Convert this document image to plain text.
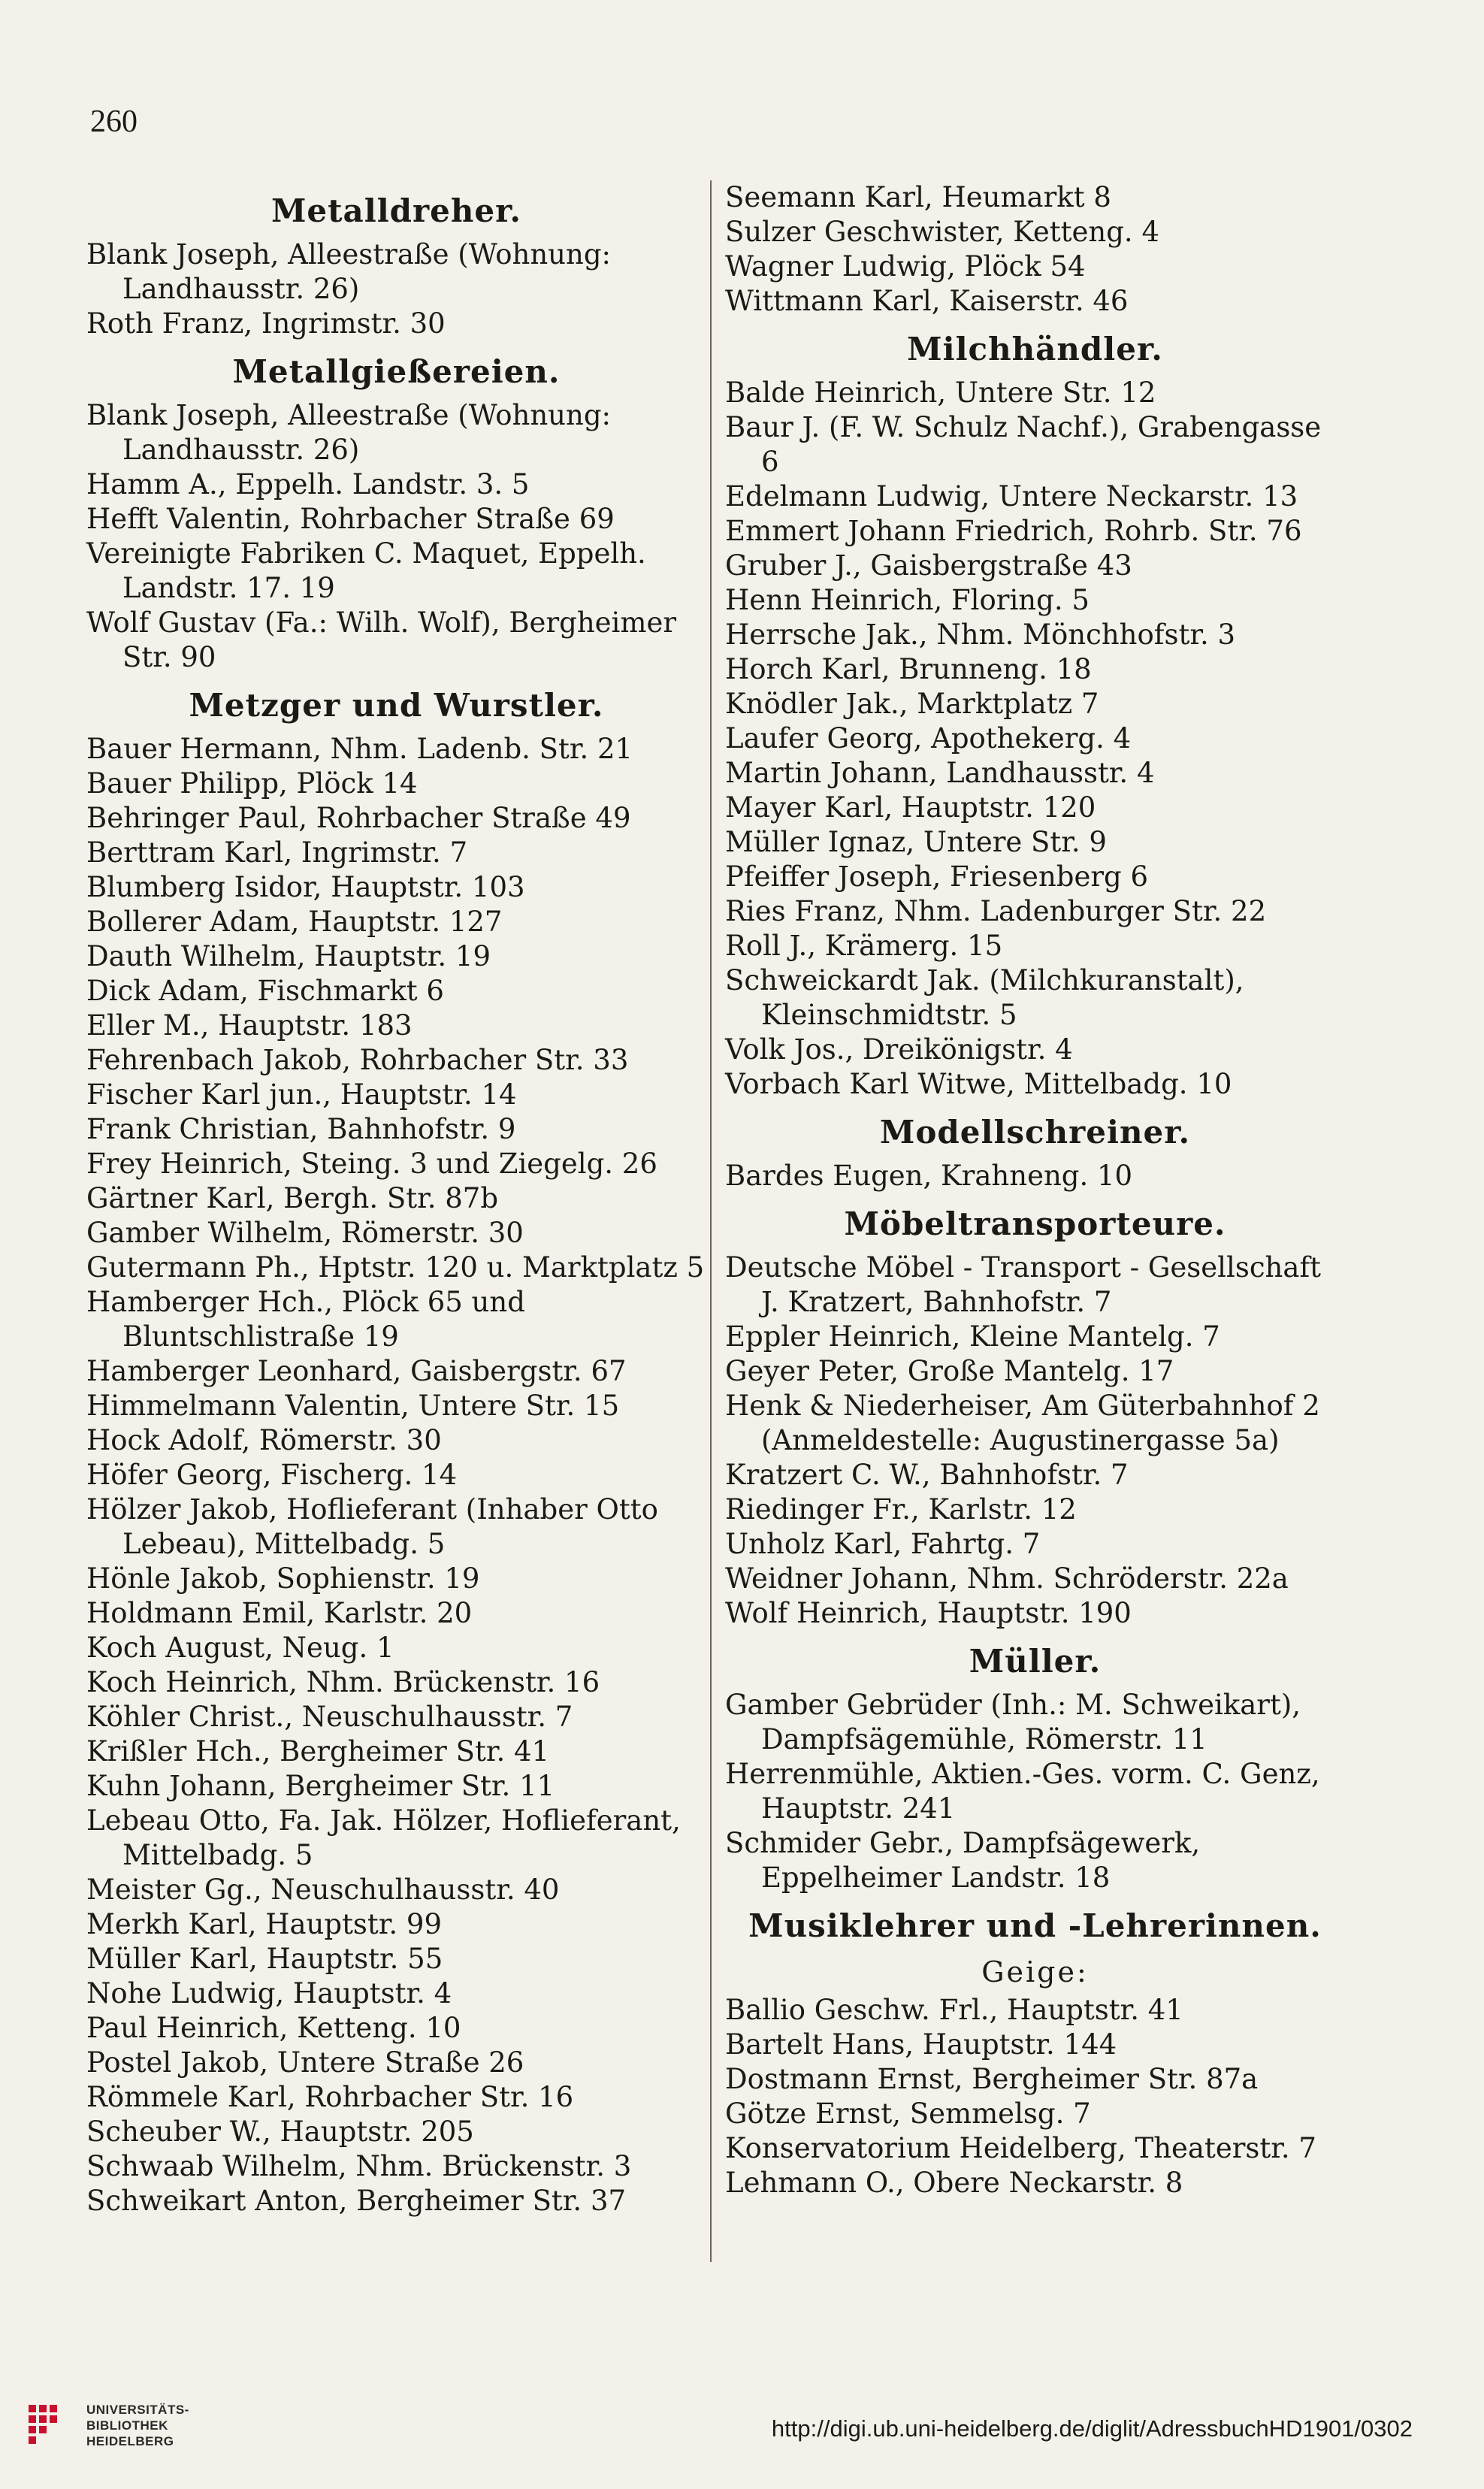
260
Metalldreher.
Blank Joseph, Alleestraße (Wohnung: Landhausstr. 26)
Roth Franz, Ingrimstr. 30
Metallgießereien.
Blank Joseph, Alleestraße (Wohnung: Landhausstr. 26)
Hamm A., Eppelh. Landstr. 3. 5
Hefft Valentin, Rohrbacher Straße 69
Vereinigte Fabriken C. Maquet, Eppelh. Landstr. 17. 19
Wolf Gustav (Fa.: Wilh. Wolf), Bergheimer Str. 90
Metzger und Wurstler.
Bauer Hermann, Nhm. Ladenb. Str. 21
Bauer Philipp, Plöck 14
Behringer Paul, Rohrbacher Straße 49
Berttram Karl, Ingrimstr. 7
Blumberg Isidor, Hauptstr. 103
Bollerer Adam, Hauptstr. 127
Dauth Wilhelm, Hauptstr. 19
Dick Adam, Fischmarkt 6
Eller M., Hauptstr. 183
Fehrenbach Jakob, Rohrbacher Str. 33
Fischer Karl jun., Hauptstr. 14
Frank Christian, Bahnhofstr. 9
Frey Heinrich, Steing. 3 und Ziegelg. 26
Gärtner Karl, Bergh. Str. 87b
Gamber Wilhelm, Römerstr. 30
Gutermann Ph., Hptstr. 120 u. Marktplatz 5
Hamberger Hch., Plöck 65 und Bluntschlistraße 19
Hamberger Leonhard, Gaisbergstr. 67
Himmelmann Valentin, Untere Str. 15
Hock Adolf, Römerstr. 30
Höfer Georg, Fischerg. 14
Hölzer Jakob, Hoflieferant (Inhaber Otto Lebeau), Mittelbadg. 5
Hönle Jakob, Sophienstr. 19
Holdmann Emil, Karlstr. 20
Koch August, Neug. 1
Koch Heinrich, Nhm. Brückenstr. 16
Köhler Christ., Neuschulhausstr. 7
Krißler Hch., Bergheimer Str. 41
Kuhn Johann, Bergheimer Str. 11
Lebeau Otto, Fa. Jak. Hölzer, Hoflieferant, Mittelbadg. 5
Meister Gg., Neuschulhausstr. 40
Merkh Karl, Hauptstr. 99
Müller Karl, Hauptstr. 55
Nohe Ludwig, Hauptstr. 4
Paul Heinrich, Ketteng. 10
Postel Jakob, Untere Straße 26
Römmele Karl, Rohrbacher Str. 16
Scheuber W., Hauptstr. 205
Schwaab Wilhelm, Nhm. Brückenstr. 3
Schweikart Anton, Bergheimer Str. 37
Seemann Karl, Heumarkt 8
Sulzer Geschwister, Ketteng. 4
Wagner Ludwig, Plöck 54
Wittmann Karl, Kaiserstr. 46
Milchhändler.
Balde Heinrich, Untere Str. 12
Baur J. (F. W. Schulz Nachf.), Grabengasse 6
Edelmann Ludwig, Untere Neckarstr. 13
Emmert Johann Friedrich, Rohrb. Str. 76
Gruber J., Gaisbergstraße 43
Henn Heinrich, Floring. 5
Herrsche Jak., Nhm. Mönchhofstr. 3
Horch Karl, Brunneng. 18
Knödler Jak., Marktplatz 7
Laufer Georg, Apothekerg. 4
Martin Johann, Landhausstr. 4
Mayer Karl, Hauptstr. 120
Müller Ignaz, Untere Str. 9
Pfeiffer Joseph, Friesenberg 6
Ries Franz, Nhm. Ladenburger Str. 22
Roll J., Krämerg. 15
Schweickardt Jak. (Milchkuranstalt), Kleinschmidtstr. 5
Volk Jos., Dreikönigstr. 4
Vorbach Karl Witwe, Mittelbadg. 10
Modellschreiner.
Bardes Eugen, Krahneng. 10
Möbeltransporteure.
Deutsche Möbel - Transport - Gesellschaft J. Kratzert, Bahnhofstr. 7
Eppler Heinrich, Kleine Mantelg. 7
Geyer Peter, Große Mantelg. 17
Henk & Niederheiser, Am Güterbahnhof 2 (Anmeldestelle: Augustinergasse 5a)
Kratzert C. W., Bahnhofstr. 7
Riedinger Fr., Karlstr. 12
Unholz Karl, Fahrtg. 7
Weidner Johann, Nhm. Schröderstr. 22a
Wolf Heinrich, Hauptstr. 190
Müller.
Gamber Gebrüder (Inh.: M. Schweikart), Dampfsägemühle, Römerstr. 11
Herrenmühle, Aktien.-Ges. vorm. C. Genz, Hauptstr. 241
Schmider Gebr., Dampfsägewerk, Eppelheimer Landstr. 18
Musiklehrer und -Lehrerinnen.
Geige:
Ballio Geschw. Frl., Hauptstr. 41
Bartelt Hans, Hauptstr. 144
Dostmann Ernst, Bergheimer Str. 87a
Götze Ernst, Semmelsg. 7
Konservatorium Heidelberg, Theaterstr. 7
Lehmann O., Obere Neckarstr. 8
UNIVERSITÄTS-
BIBLIOTHEK
HEIDELBERG	http://digi.ub.uni-heidelberg.de/diglit/AdressbuchHD1901/0302
